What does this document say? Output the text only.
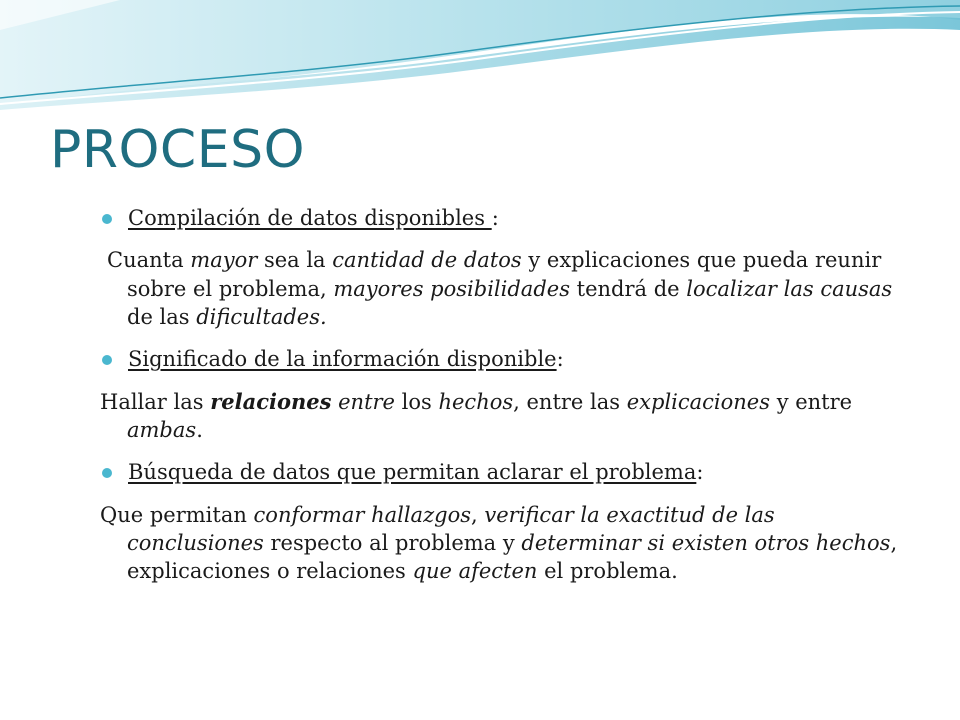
PROCESO
Compilación de datos disponibles :

Cuanta mayor sea la cantidad de datos y explicaciones que pueda reunir sobre el problema, mayores posibilidades tendrá de localizar las causas de las dificultades.

Significado de la información disponible:

Hallar las relaciones entre los hechos, entre las explicaciones y entre ambas.

Búsqueda de datos que permitan aclarar el problema:

Que permitan conformar hallazgos, verificar la exactitud de las conclusiones respecto al problema y determinar si existen otros hechos, explicaciones o relaciones que afecten el problema.
